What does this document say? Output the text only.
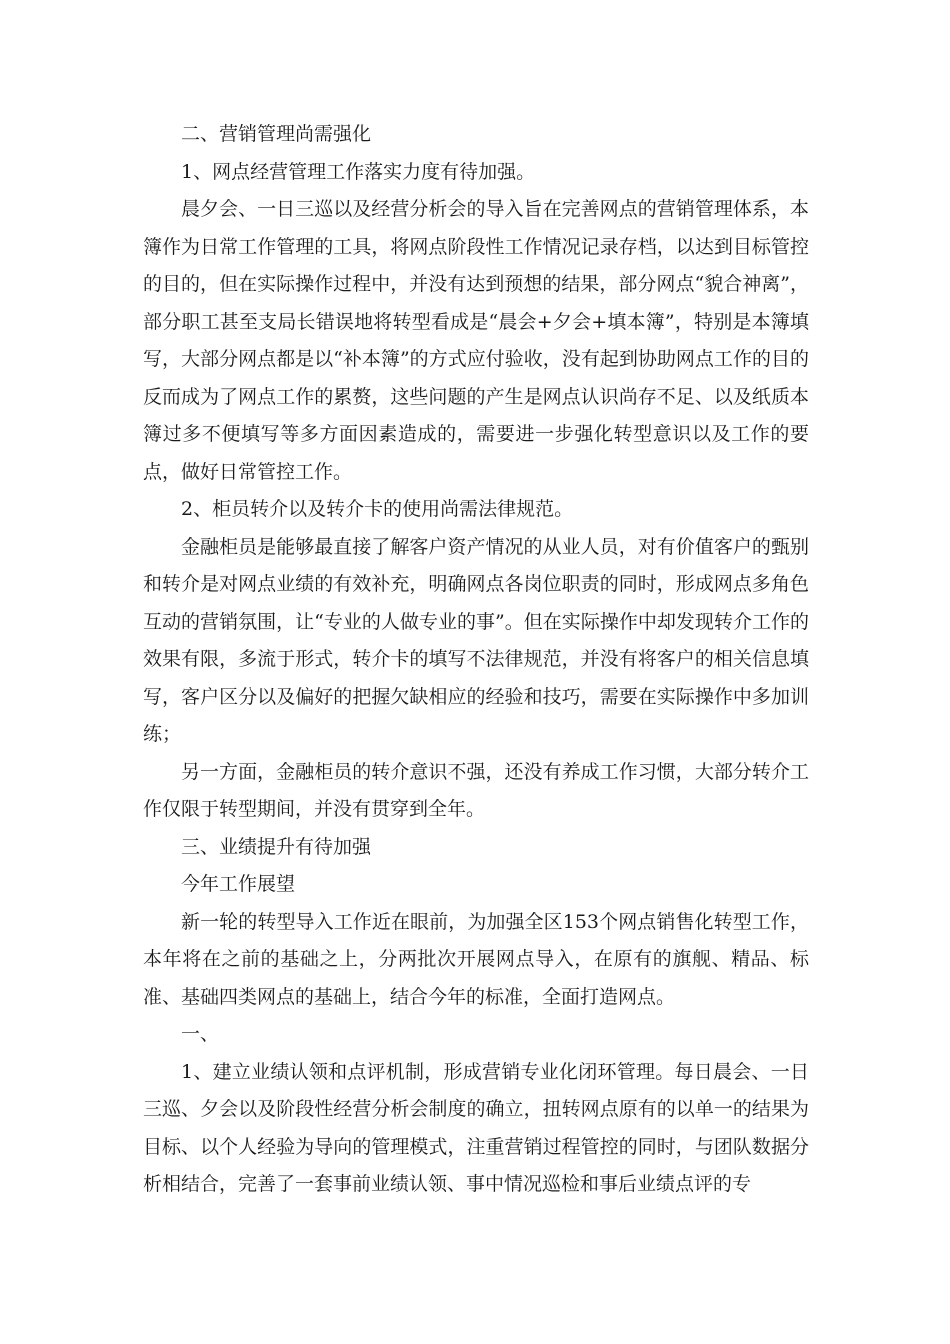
二、营销管理尚需强化

1、网点经营管理工作落实力度有待加强。

晨夕会、一日三巡以及经营分析会的导入旨在完善网点的营销管理体系，本簿作为日常工作管理的工具，将网点阶段性工作情况记录存档，以达到目标管控的目的，但在实际操作过程中，并没有达到预想的结果，部分网点“貌合神离”，部分职工甚至支局长错误地将转型看成是“晨会+夕会+填本簿”，特别是本簿填写，大部分网点都是以“补本簿”的方式应付验收，没有起到协助网点工作的目的反而成为了网点工作的累赘，这些问题的产生是网点认识尚存不足、以及纸质本簿过多不便填写等多方面因素造成的，需要进一步强化转型意识以及工作的要点，做好日常管控工作。

2、柜员转介以及转介卡的使用尚需法律规范。

金融柜员是能够最直接了解客户资产情况的从业人员，对有价值客户的甄别和转介是对网点业绩的有效补充，明确网点各岗位职责的同时，形成网点多角色互动的营销氛围，让“专业的人做专业的事”。但在实际操作中却发现转介工作的效果有限，多流于形式，转介卡的填写不法律规范，并没有将客户的相关信息填写，客户区分以及偏好的把握欠缺相应的经验和技巧，需要在实际操作中多加训练；

另一方面，金融柜员的转介意识不强，还没有养成工作习惯，大部分转介工作仅限于转型期间，并没有贯穿到全年。

三、业绩提升有待加强

今年工作展望

新一轮的转型导入工作近在眼前，为加强全区153个网点销售化转型工作，本年将在之前的基础之上，分两批次开展网点导入，在原有的旗舰、精品、标准、基础四类网点的基础上，结合今年的标准，全面打造网点。

一、

1、建立业绩认领和点评机制，形成营销专业化闭环管理。每日晨会、一日三巡、夕会以及阶段性经营分析会制度的确立，扭转网点原有的以单一的结果为目标、以个人经验为导向的管理模式，注重营销过程管控的同时，与团队数据分析相结合，完善了一套事前业绩认领、事中情况巡检和事后业绩点评的专
